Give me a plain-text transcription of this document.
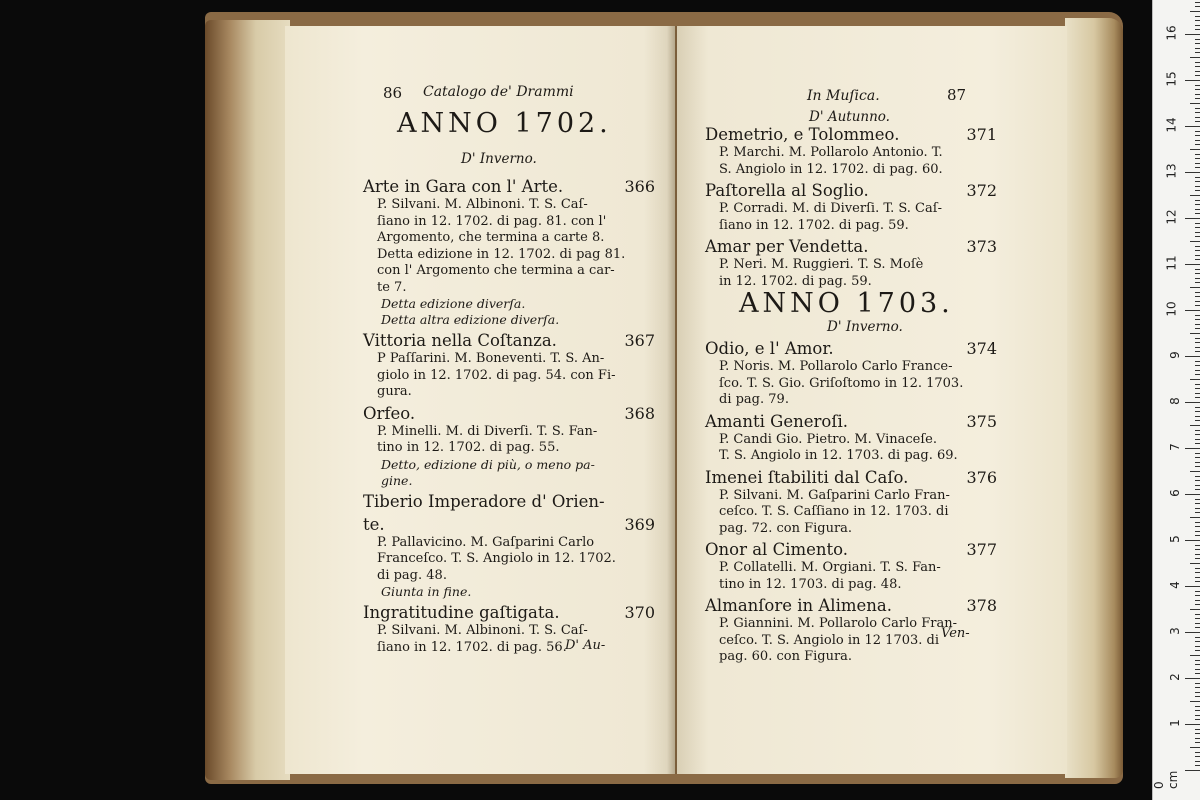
86 Catalogo de' Drammi
ANNO 1702.
D' Inverno.
Arte in Gara con l' Arte.	366
P. Silvani. M. Albinoni. T. S. Caſ-
ſiano in 12. 1702. di pag. 81. con l'
Argomento, che termina a carte 8.
Detta edizione in 12. 1702. di pag 81.
con l' Argomento che termina a car-
te 7.
Detta edizione diverſa.
Detta altra edizione diverſa.
Vittoria nella Coſtanza.	367
P Paſſarini. M. Boneventi. T. S. An-
giolo in 12. 1702. di pag. 54. con Fi-
gura.
Orfeo.	368
P. Minelli. M. di Diverſi. T. S. Fan-
tino in 12. 1702. di pag. 55.
Detto, edizione di più, o meno pa-
gine.
Tiberio Imperadore d' Orien-
te.	369
P. Pallavicino. M. Gaſparini Carlo
Franceſco. T. S. Angiolo in 12. 1702.
di pag. 48.
Giunta in fine.
Ingratitudine gaſtigata.	370
P. Silvani. M. Albinoni. T. S. Caſ-
ſiano in 12. 1702. di pag. 56.
D' Au-
In Muſica.	87
D' Autunno.
Demetrio, e Tolommeo.	371
P. Marchi. M. Pollarolo Antonio. T.
S. Angiolo in 12. 1702. di pag. 60.
Paſtorella al Soglio.	372
P. Corradi. M. di Diverſi. T. S. Caſ-
ſiano in 12. 1702. di pag. 59.
Amar per Vendetta.	373
P. Neri. M. Ruggieri. T. S. Moſè
in 12. 1702. di pag. 59.
ANNO 1703.
D' Inverno.
Odio, e l' Amor.	374
P. Noris. M. Pollarolo Carlo France-
ſco. T. S. Gio. Griſoſtomo in 12. 1703.
di pag. 79.
Amanti Generoſi.	375
P. Candi Gio. Pietro. M. Vinaceſe.
T. S. Angiolo in 12. 1703. di pag. 69.
Imenei ſtabiliti dal Caſo.	376
P. Silvani. M. Gaſparini Carlo Fran-
ceſco. T. S. Caſſiano in 12. 1703. di
pag. 72. con Figura.
Onor al Cimento.	377
P. Collatelli. M. Orgiani. T. S. Fan-
tino in 12. 1703. di pag. 48.
Almanſore in Alimena.	378
P. Giannini. M. Pollarolo Carlo Fran-
ceſco. T. S. Angiolo in 12 1703. di
pag. 60. con Figura.
Ven-
0 cm
1
2
3
4
5
6
7
8
9
10
11
12
13
14
15
16
